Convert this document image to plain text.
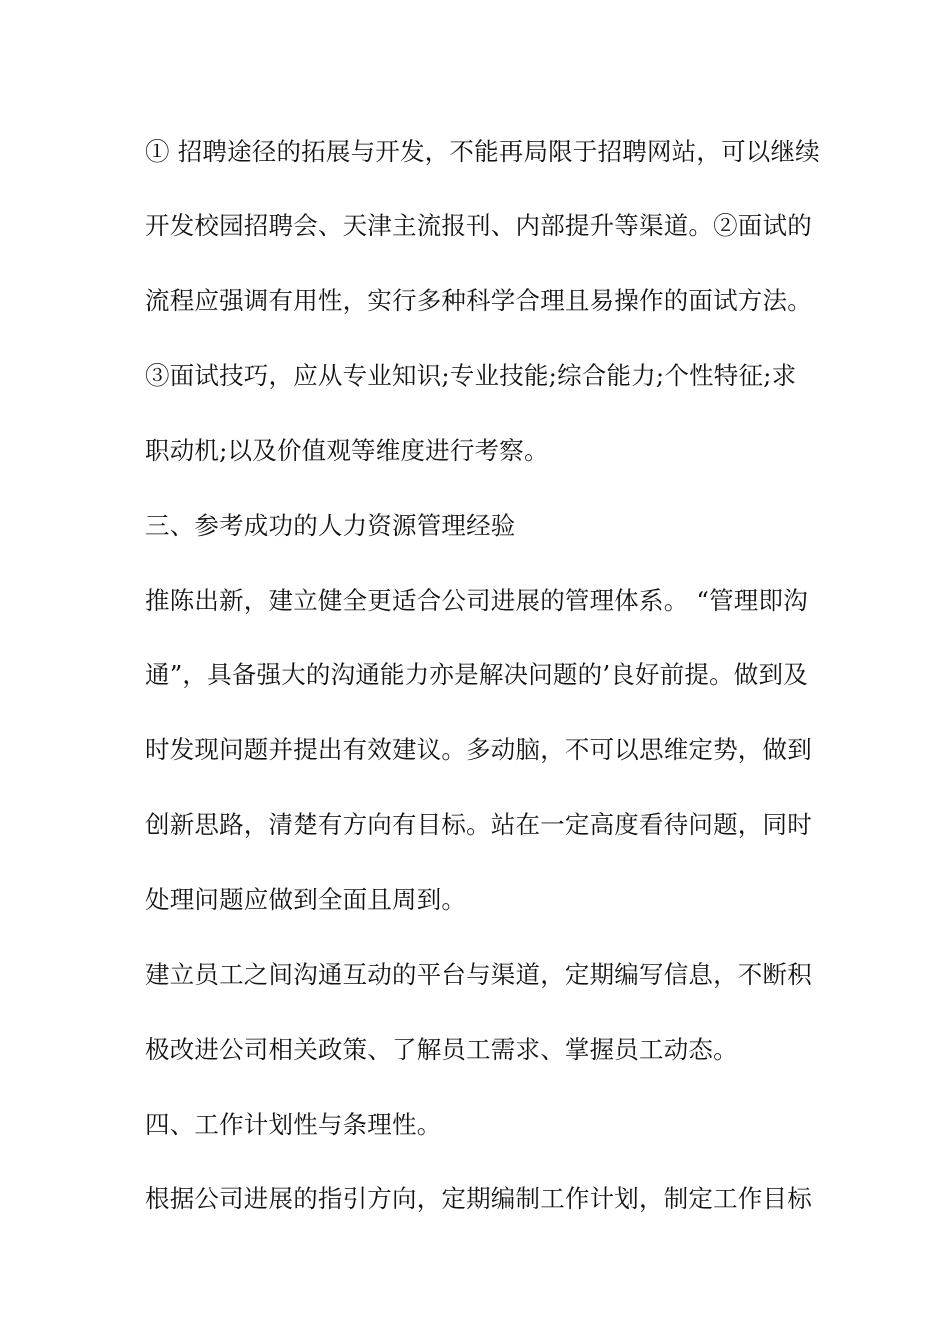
① 招聘途径的拓展与开发，不能再局限于招聘网站，可以继续
开发校园招聘会、天津主流报刊、内部提升等渠道。②面试的
流程应强调有用性，实行多种科学合理且易操作的面试方法。
③面试技巧，应从专业知识;专业技能;综合能力;个性特征;求
职动机;以及价值观等维度进行考察。
三、参考成功的人力资源管理经验
推陈出新，建立健全更适合公司进展的管理体系。 “管理即沟
通”，具备强大的沟通能力亦是解决问题的’良好前提。做到及
时发现问题并提出有效建议。多动脑，不可以思维定势，做到
创新思路，清楚有方向有目标。站在一定高度看待问题，同时
处理问题应做到全面且周到。
建立员工之间沟通互动的平台与渠道，定期编写信息，不断积
极改进公司相关政策、了解员工需求、掌握员工动态。
四、工作计划性与条理性。
根据公司进展的指引方向，定期编制工作计划，制定工作目标
